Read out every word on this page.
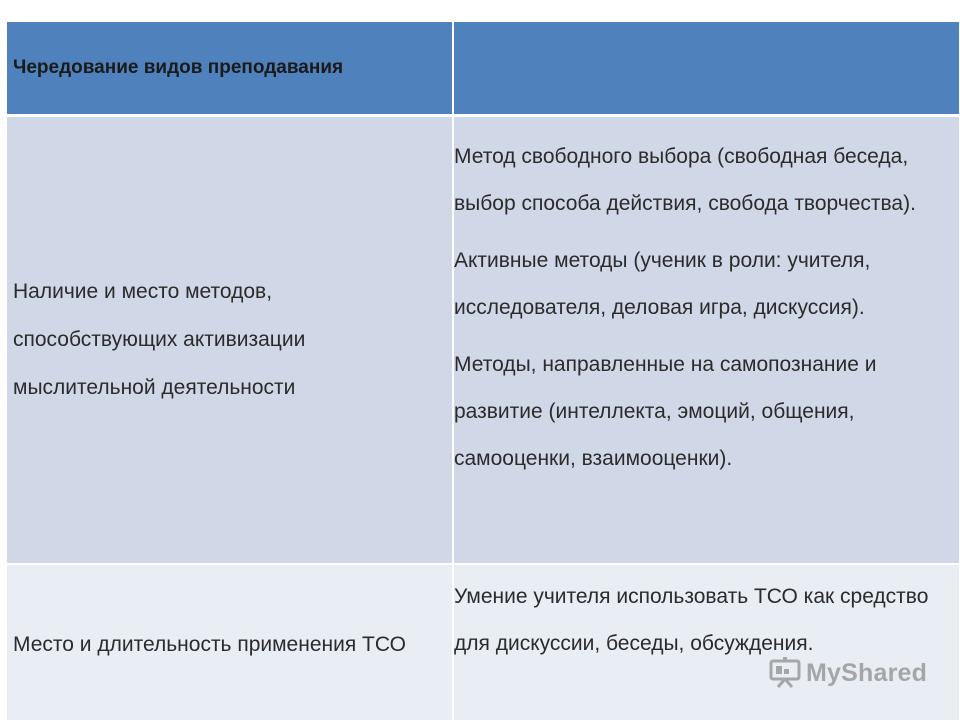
Чередование видов преподавания	

Наличие и место методов, способствующих активизации мыслительной деятельности	Метод свободного выбора (свободная беседа, выбор способа действия, свобода творчества).

Активные методы (ученик в роли: учителя, исследователя, деловая игра, дискуссия).

Методы, направленные на самопознание и развитие (интеллекта, эмоций, общения, самооценки, взаимооценки).

Место и длительность применения ТСО	Умение учителя использовать ТСО как средство для дискуссии, беседы, обсуждения.

MyShared
